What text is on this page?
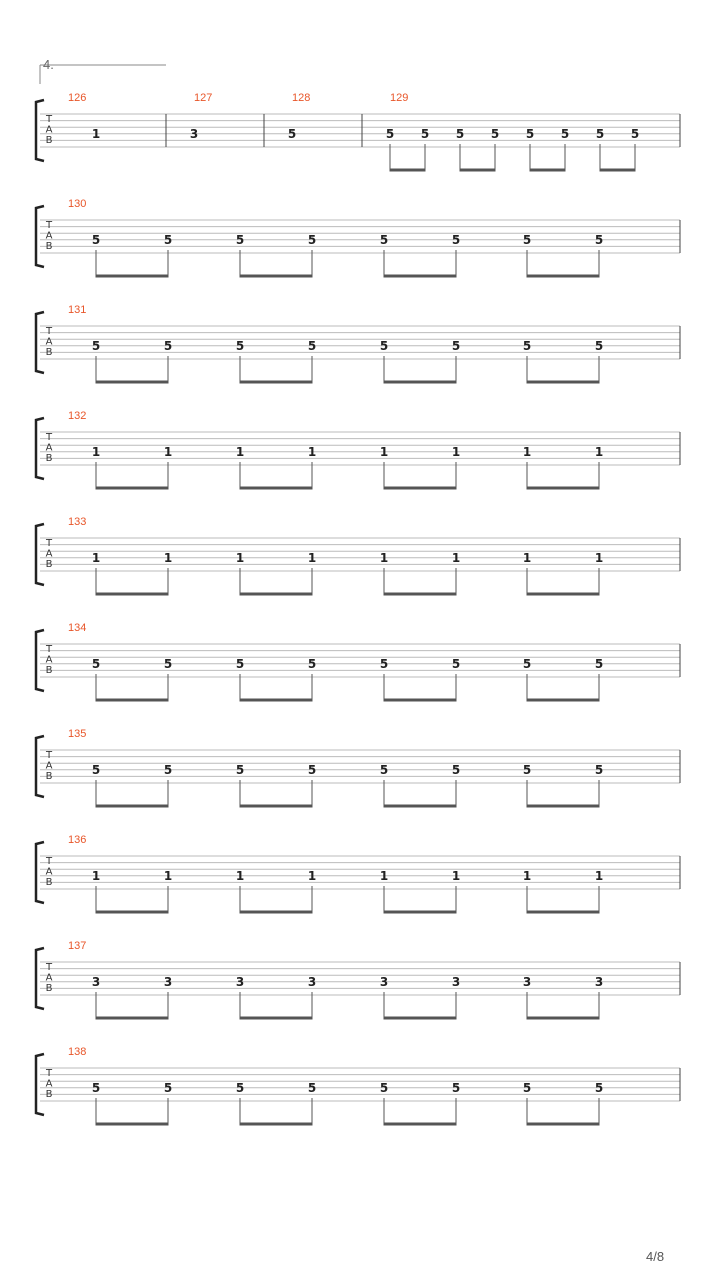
4.
T
A
B
126
1
127
3
128
5
129
5 5 5 5 5 5 5 5
T
A
B
130
5	5	5	5	5	5	5	5
T
A
B
131
5	5	5	5	5	5	5	5
T
A
B
132
1	1	1	1	1	1	1	1
T
A
B
133
1	1	1	1	1	1	1	1
T
A
B
134
5	5	5	5	5	5	5	5
T
A
B
135
5	5	5	5	5	5	5	5
T
A
B
136
1	1	1	1	1	1	1	1
T
A
B
137
3	3	3	3	3	3	3	3
T
A
B
138
5	5	5	5	5	5	5	5
4/8
